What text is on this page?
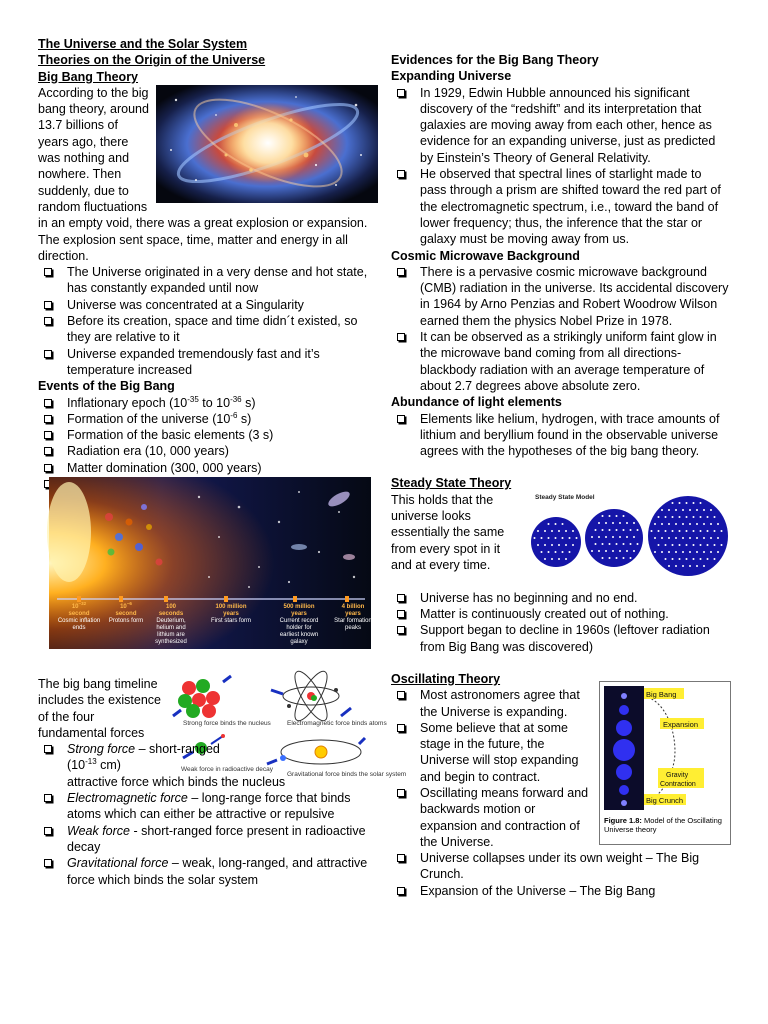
The Universe and the Solar System

Theories on the Origin of the Universe

Big Bang Theory

According to the big bang theory, around 13.7 billions of years ago, there was nothing and nowhere. Then suddenly, due to random fluctuations in an empty void, there was a great explosion or expansion. The explosion sent space, time, matter and energy in all direction.

The Universe originated in a very dense and hot state, has constantly expanded until now
Universe was concentrated at a Singularity
Before its creation, space and time didn´t existed, so they are relative to it
Universe expanded tremendously fast and it’s temperature increased

Events of the Big Bang

Inflationary epoch ($10^{-35}$ to $10^{-36}$ s)
Formation of the universe ($10^{-6}$ s)
Formation of the basic elements (3 s)
Radiation era (10, 000 years)
Matter domination (300, 000 years)
$10^{-32}$
second
Cosmic inflation ends
$10^{-6}$
second
Protons form
100
seconds
Deuterium, helium and lithium are synthesized
100 million
years
First stars form
500 million
years
Current record holder for earliest known galaxy
4 billion
years
Star formation peaks
Strong force binds the nucleus Electromagnetic force binds atoms
Weak force in radioactive decay
Gravitational force binds the solar system

The big bang timeline includes the existence of the four fundamental forces

Strong force – short-ranged
($10^{-13}$ cm)
attractive force which binds the nucleus
Electromagnetic force – long-range force that binds atoms which can either be attractive or repulsive
Weak force - short-ranged force present in radioactive decay
Gravitational force – weak, long-ranged, and attractive force which binds the solar system

Evidences for the Big Bang Theory

Expanding Universe

In 1929, Edwin Hubble announced his significant discovery of the “redshift” and its interpretation that galaxies are moving away from each other, hence as evidence for an expanding universe, just as predicted by Einstein’s Theory of General Relativity.
He observed that spectral lines of starlight made to pass through a prism are shifted toward the red part of the electromagnetic spectrum, i.e., toward the band of lower frequency; thus, the inference that the star or galaxy must be moving away from us.

Cosmic Microwave Background

There is a pervasive cosmic microwave background (CMB) radiation in the universe. Its accidental discovery in 1964 by Arno Penzias and Robert Woodrow Wilson earned them the physics Nobel Prize in 1978.
It can be observed as a strikingly uniform faint glow in the microwave band coming from all directions-blackbody radiation with an average temperature of about 2.7 degrees above absolute zero.

Abundance of light elements

Elements like helium, hydrogen, with trace amounts of lithium and beryllium found in the observable universe agrees with the hypotheses of the big bang theory.

Steady State Theory

Steady State Model

This holds that the universe looks essentially the same from every spot in it and at every time.

Universe has no beginning and no end.
Matter is continuously created out of nothing.
Support began to decline in 1960s (leftover radiation from Big Bang was discovered)

Oscillating Theory

Big Bang
Expansion
Gravity
Contraction
Big Crunch
Figure 1.8: Model of the Oscillating Universe theory
Most astronomers agree that the Universe is expanding.
Some believe that at some stage in the future, the Universe will stop expanding and begin to contract.
Oscillating means forward and backwards motion or expansion and contraction of the Universe.
Universe collapses under its own weight – The Big Crunch.
Expansion of the Universe – The Big Bang
